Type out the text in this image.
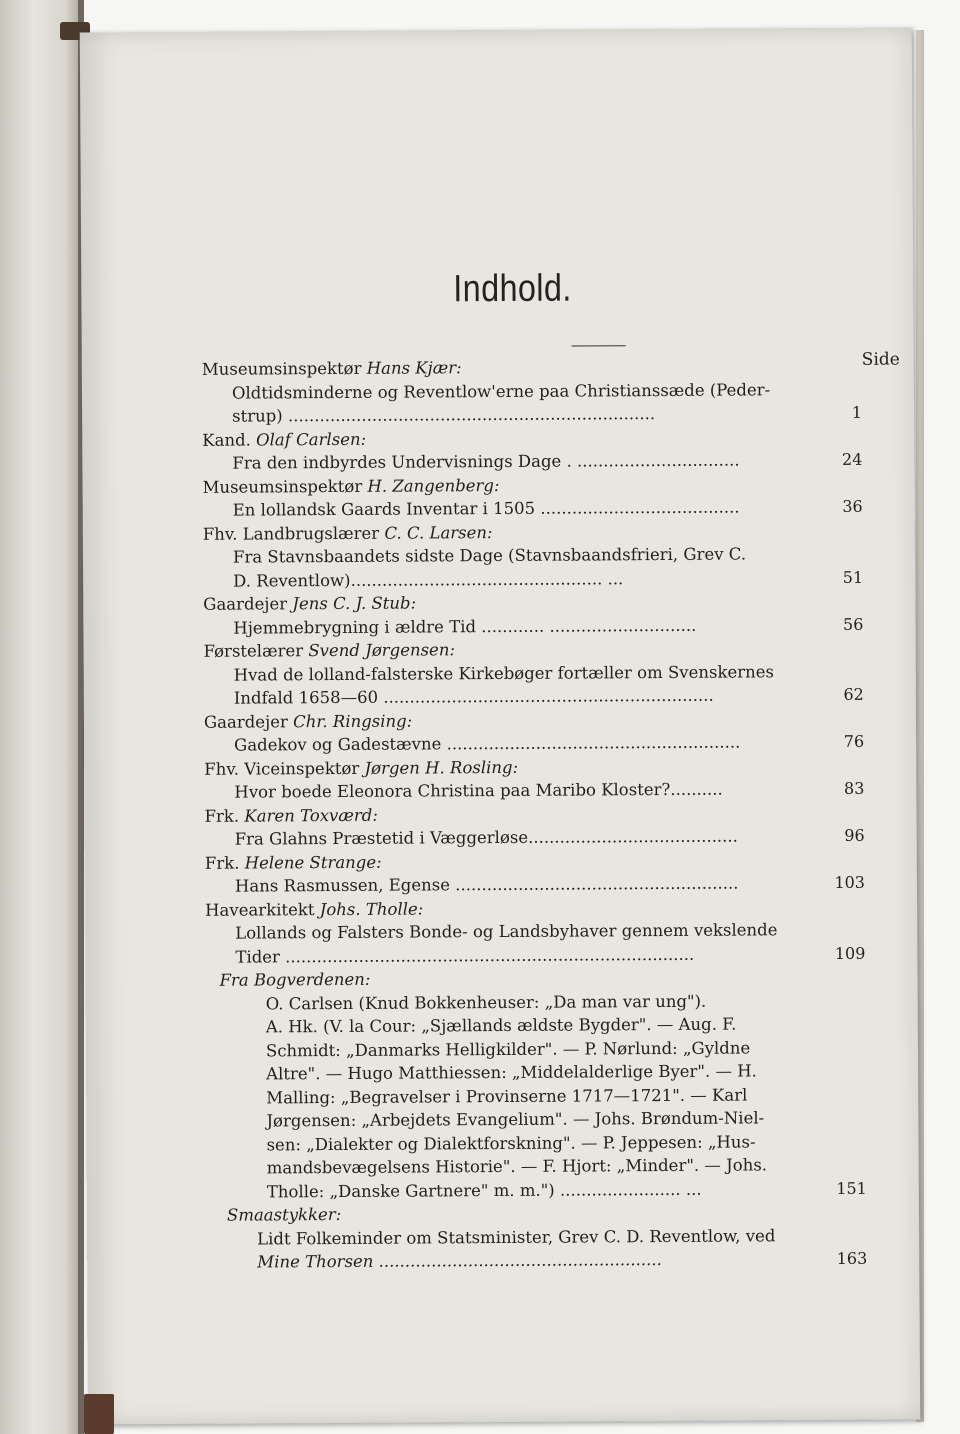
Indhold.
Side
Museumsinspektør Hans Kjær:
Oldtidsminderne og Reventlow'erne paa Christianssæde (Peder-
strup) ......................................................................	1
Kand. Olaf Carlsen:
Fra den indbyrdes Undervisnings Dage . ...............................	24
Museumsinspektør H. Zangenberg:
En lollandsk Gaards Inventar i 1505 ......................................	36
Fhv. Landbrugslærer C. C. Larsen:
Fra Stavnsbaandets sidste Dage (Stavnsbaandsfrieri, Grev C.
D. Reventlow)................................................ ...	51
Gaardejer Jens C. J. Stub:
Hjemmebrygning i ældre Tid ............ ............................	56
Førstelærer Svend Jørgensen:
Hvad de lolland-falsterske Kirkebøger fortæller om Svenskernes
Indfald 1658—60 ...............................................................	62
Gaardejer Chr. Ringsing:
Gadekov og Gadestævne ........................................................	76
Fhv. Viceinspektør Jørgen H. Rosling:
Hvor boede Eleonora Christina paa Maribo Kloster?..........	83
Frk. Karen Toxværd:
Fra Glahns Præstetid i Væggerløse........................................	96
Frk. Helene Strange:
Hans Rasmussen, Egense ......................................................	103
Havearkitekt Johs. Tholle:
Lollands og Falsters Bonde- og Landsbyhaver gennem vekslende
Tider ..............................................................................	109
Fra Bogverdenen:
O. Carlsen (Knud Bokkenheuser: „Da man var ung").
A. Hk. (V. la Cour: „Sjællands ældste Bygder". — Aug. F.
Schmidt: „Danmarks Helligkilder". — P. Nørlund: „Gyldne
Altre". — Hugo Matthiessen: „Middelalderlige Byer". — H.
Malling: „Begravelser i Provinserne 1717—1721". — Karl
Jørgensen: „Arbejdets Evangelium". — Johs. Brøndum-Niel-
sen: „Dialekter og Dialektforskning". — P. Jeppesen: „Hus-
mandsbevægelsens Historie". — F. Hjort: „Minder". — Johs.
Tholle: „Danske Gartnere" m. m.") ....................... ...	151
Smaastykker:
Lidt Folkeminder om Statsminister, Grev C. D. Reventlow, ved
Mine Thorsen ......................................................	163
